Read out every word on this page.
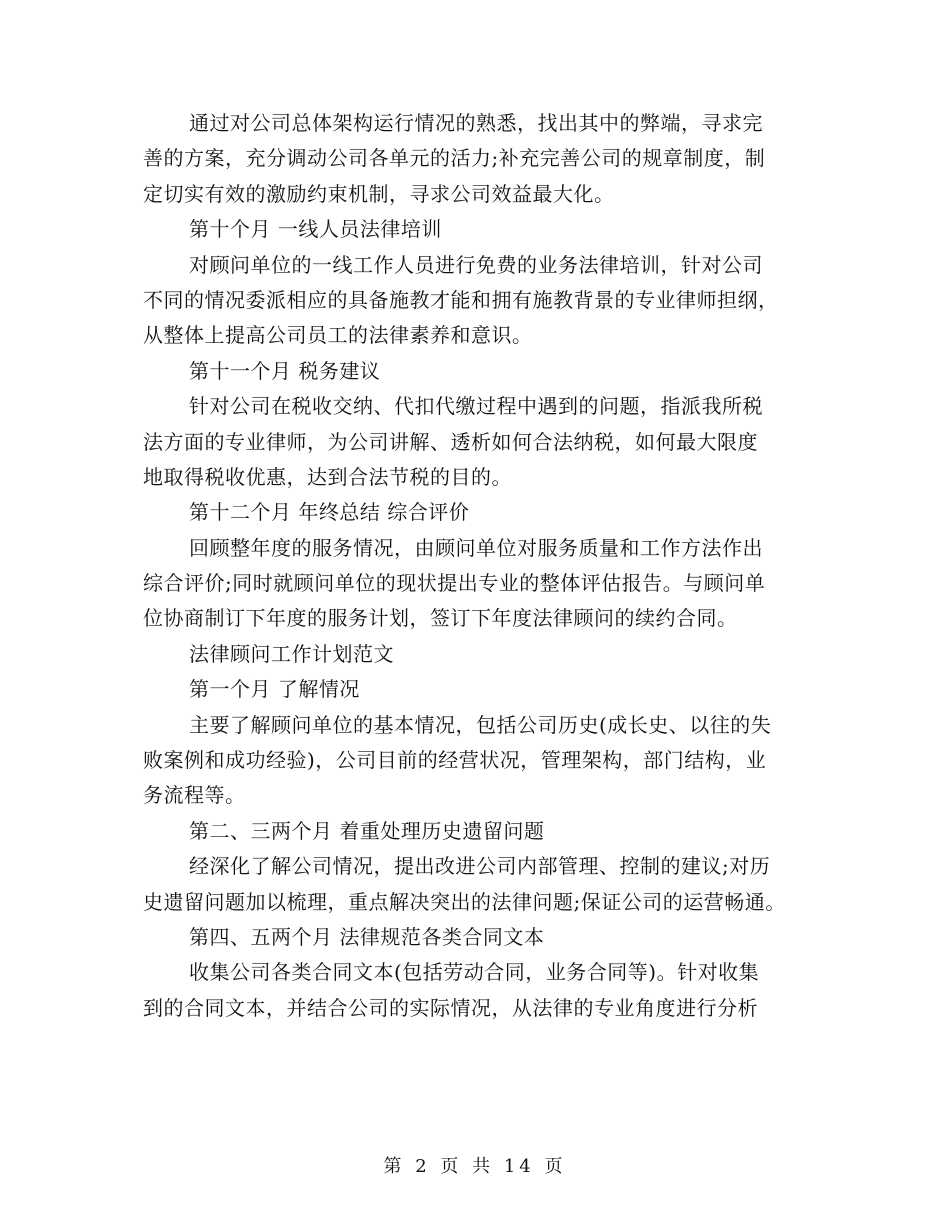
通过对公司总体架构运行情况的熟悉，找出其中的弊端，寻求完
善的方案，充分调动公司各单元的活力;补充完善公司的规章制度，制
定切实有效的激励约束机制，寻求公司效益最大化。
第十个月 一线人员法律培训
对顾问单位的一线工作人员进行免费的业务法律培训，针对公司
不同的情况委派相应的具备施教才能和拥有施教背景的专业律师担纲，
从整体上提高公司员工的法律素养和意识。
第十一个月 税务建议
针对公司在税收交纳、代扣代缴过程中遇到的问题，指派我所税
法方面的专业律师，为公司讲解、透析如何合法纳税，如何最大限度
地取得税收优惠，达到合法节税的目的。
第十二个月 年终总结 综合评价
回顾整年度的服务情况，由顾问单位对服务质量和工作方法作出
综合评价;同时就顾问单位的现状提出专业的整体评估报告。与顾问单
位协商制订下年度的服务计划，签订下年度法律顾问的续约合同。
法律顾问工作计划范文
第一个月 了解情况
主要了解顾问单位的基本情况，包括公司历史(成长史、以往的失
败案例和成功经验)，公司目前的经营状况，管理架构，部门结构，业
务流程等。
第二、三两个月 着重处理历史遗留问题
经深化了解公司情况，提出改进公司内部管理、控制的建议;对历
史遗留问题加以梳理，重点解决突出的法律问题;保证公司的运营畅通。
第四、五两个月 法律规范各类合同文本
收集公司各类合同文本(包括劳动合同，业务合同等)。针对收集
到的合同文本，并结合公司的实际情况，从法律的专业角度进行分析
第 2 页 共 14 页
